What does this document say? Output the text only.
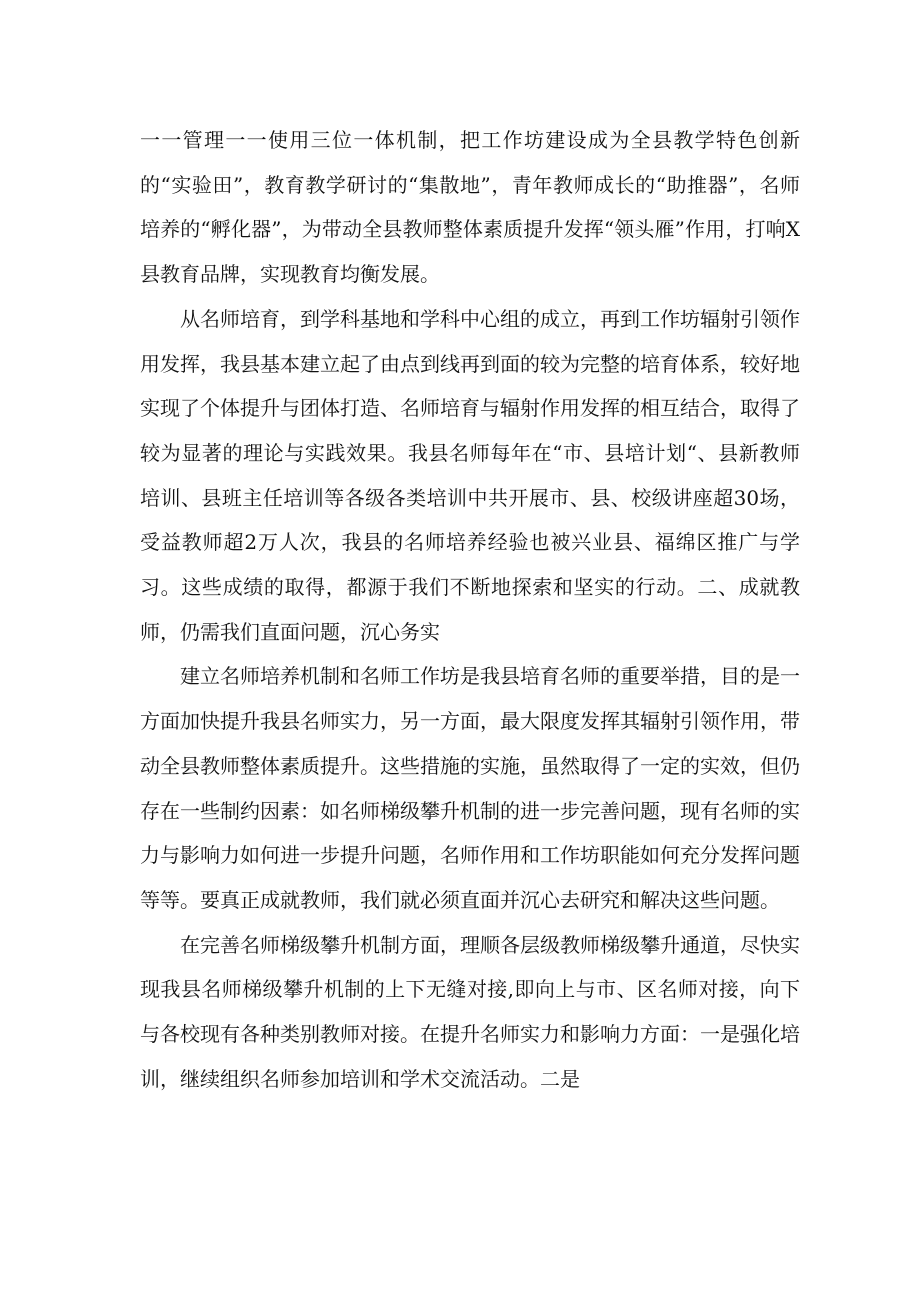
一一管理一一使用三位一体机制，把工作坊建设成为全县教学特色创新的“实验田”，教育教学研讨的“集散地”，青年教师成长的“助推器”，名师培养的“孵化器”，为带动全县教师整体素质提升发挥“领头雁”作用，打响X县教育品牌，实现教育均衡发展。

从名师培育，到学科基地和学科中心组的成立，再到工作坊辐射引领作用发挥，我县基本建立起了由点到线再到面的较为完整的培育体系，较好地实现了个体提升与团体打造、名师培育与辐射作用发挥的相互结合，取得了较为显著的理论与实践效果。我县名师每年在“市、县培计划“、县新教师培训、县班主任培训等各级各类培训中共开展市、县、校级讲座超30场，受益教师超2万人次，我县的名师培养经验也被兴业县、福绵区推广与学习。这些成绩的取得，都源于我们不断地探索和坚实的行动。二、成就教师，仍需我们直面问题，沉心务实

建立名师培养机制和名师工作坊是我县培育名师的重要举措，目的是一方面加快提升我县名师实力，另一方面，最大限度发挥其辐射引领作用，带动全县教师整体素质提升。这些措施的实施，虽然取得了一定的实效，但仍存在一些制约因素：如名师梯级攀升机制的进一步完善问题，现有名师的实力与影响力如何进一步提升问题，名师作用和工作坊职能如何充分发挥问题等等。要真正成就教师，我们就必须直面并沉心去研究和解决这些问题。

在完善名师梯级攀升机制方面，理顺各层级教师梯级攀升通道，尽快实现我县名师梯级攀升机制的上下无缝对接,即向上与市、区名师对接，向下与各校现有各种类别教师对接。在提升名师实力和影响力方面：一是强化培训，继续组织名师参加培训和学术交流活动。二是
